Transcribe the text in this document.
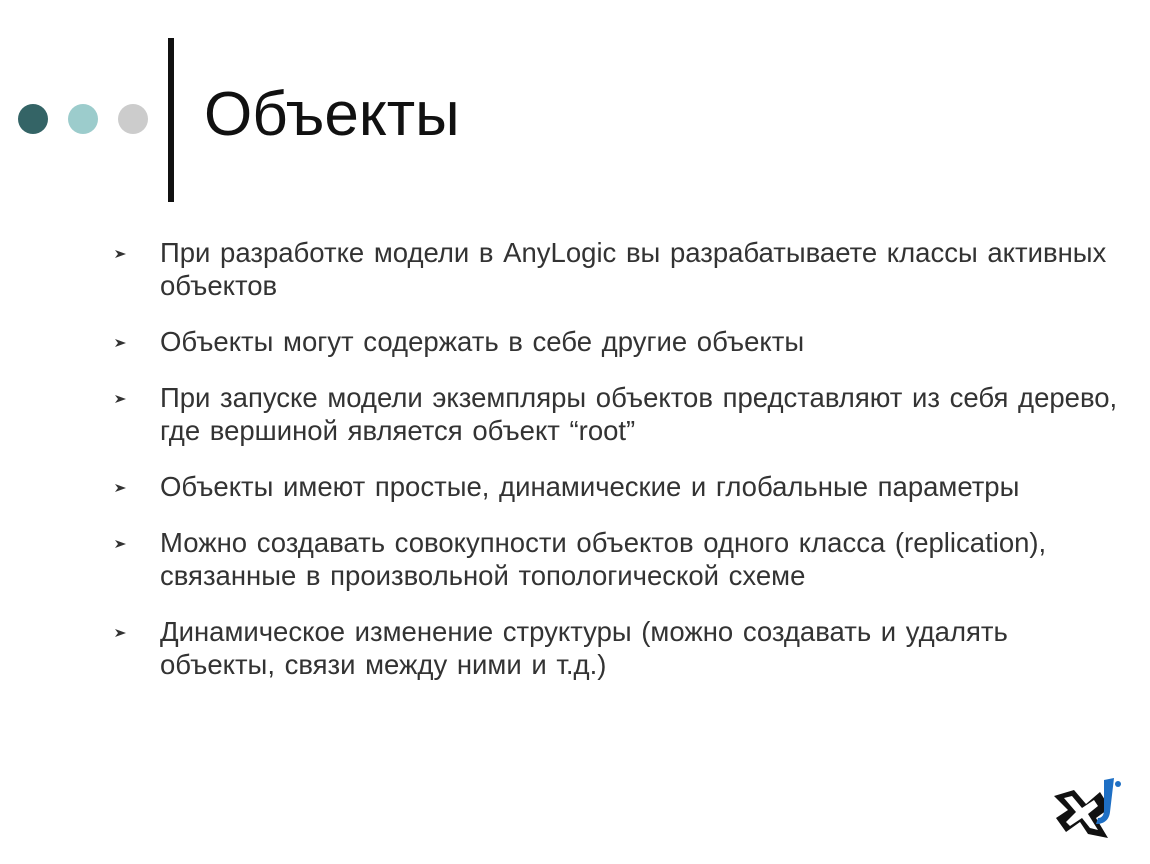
Объекты
При разработке модели в AnyLogic вы разрабатываете классы активных объектов
Объекты могут содержать в себе другие объекты
При запуске модели экземпляры объектов представляют из себя дерево, где вершиной является объект “root”
Объекты имеют простые, динамические и глобальные параметры
Можно создавать совокупности объектов одного класса (replication), связанные в произвольной топологической схеме
Динамическое изменение структуры (можно создавать и удалять объекты, связи между ними и т.д.)
